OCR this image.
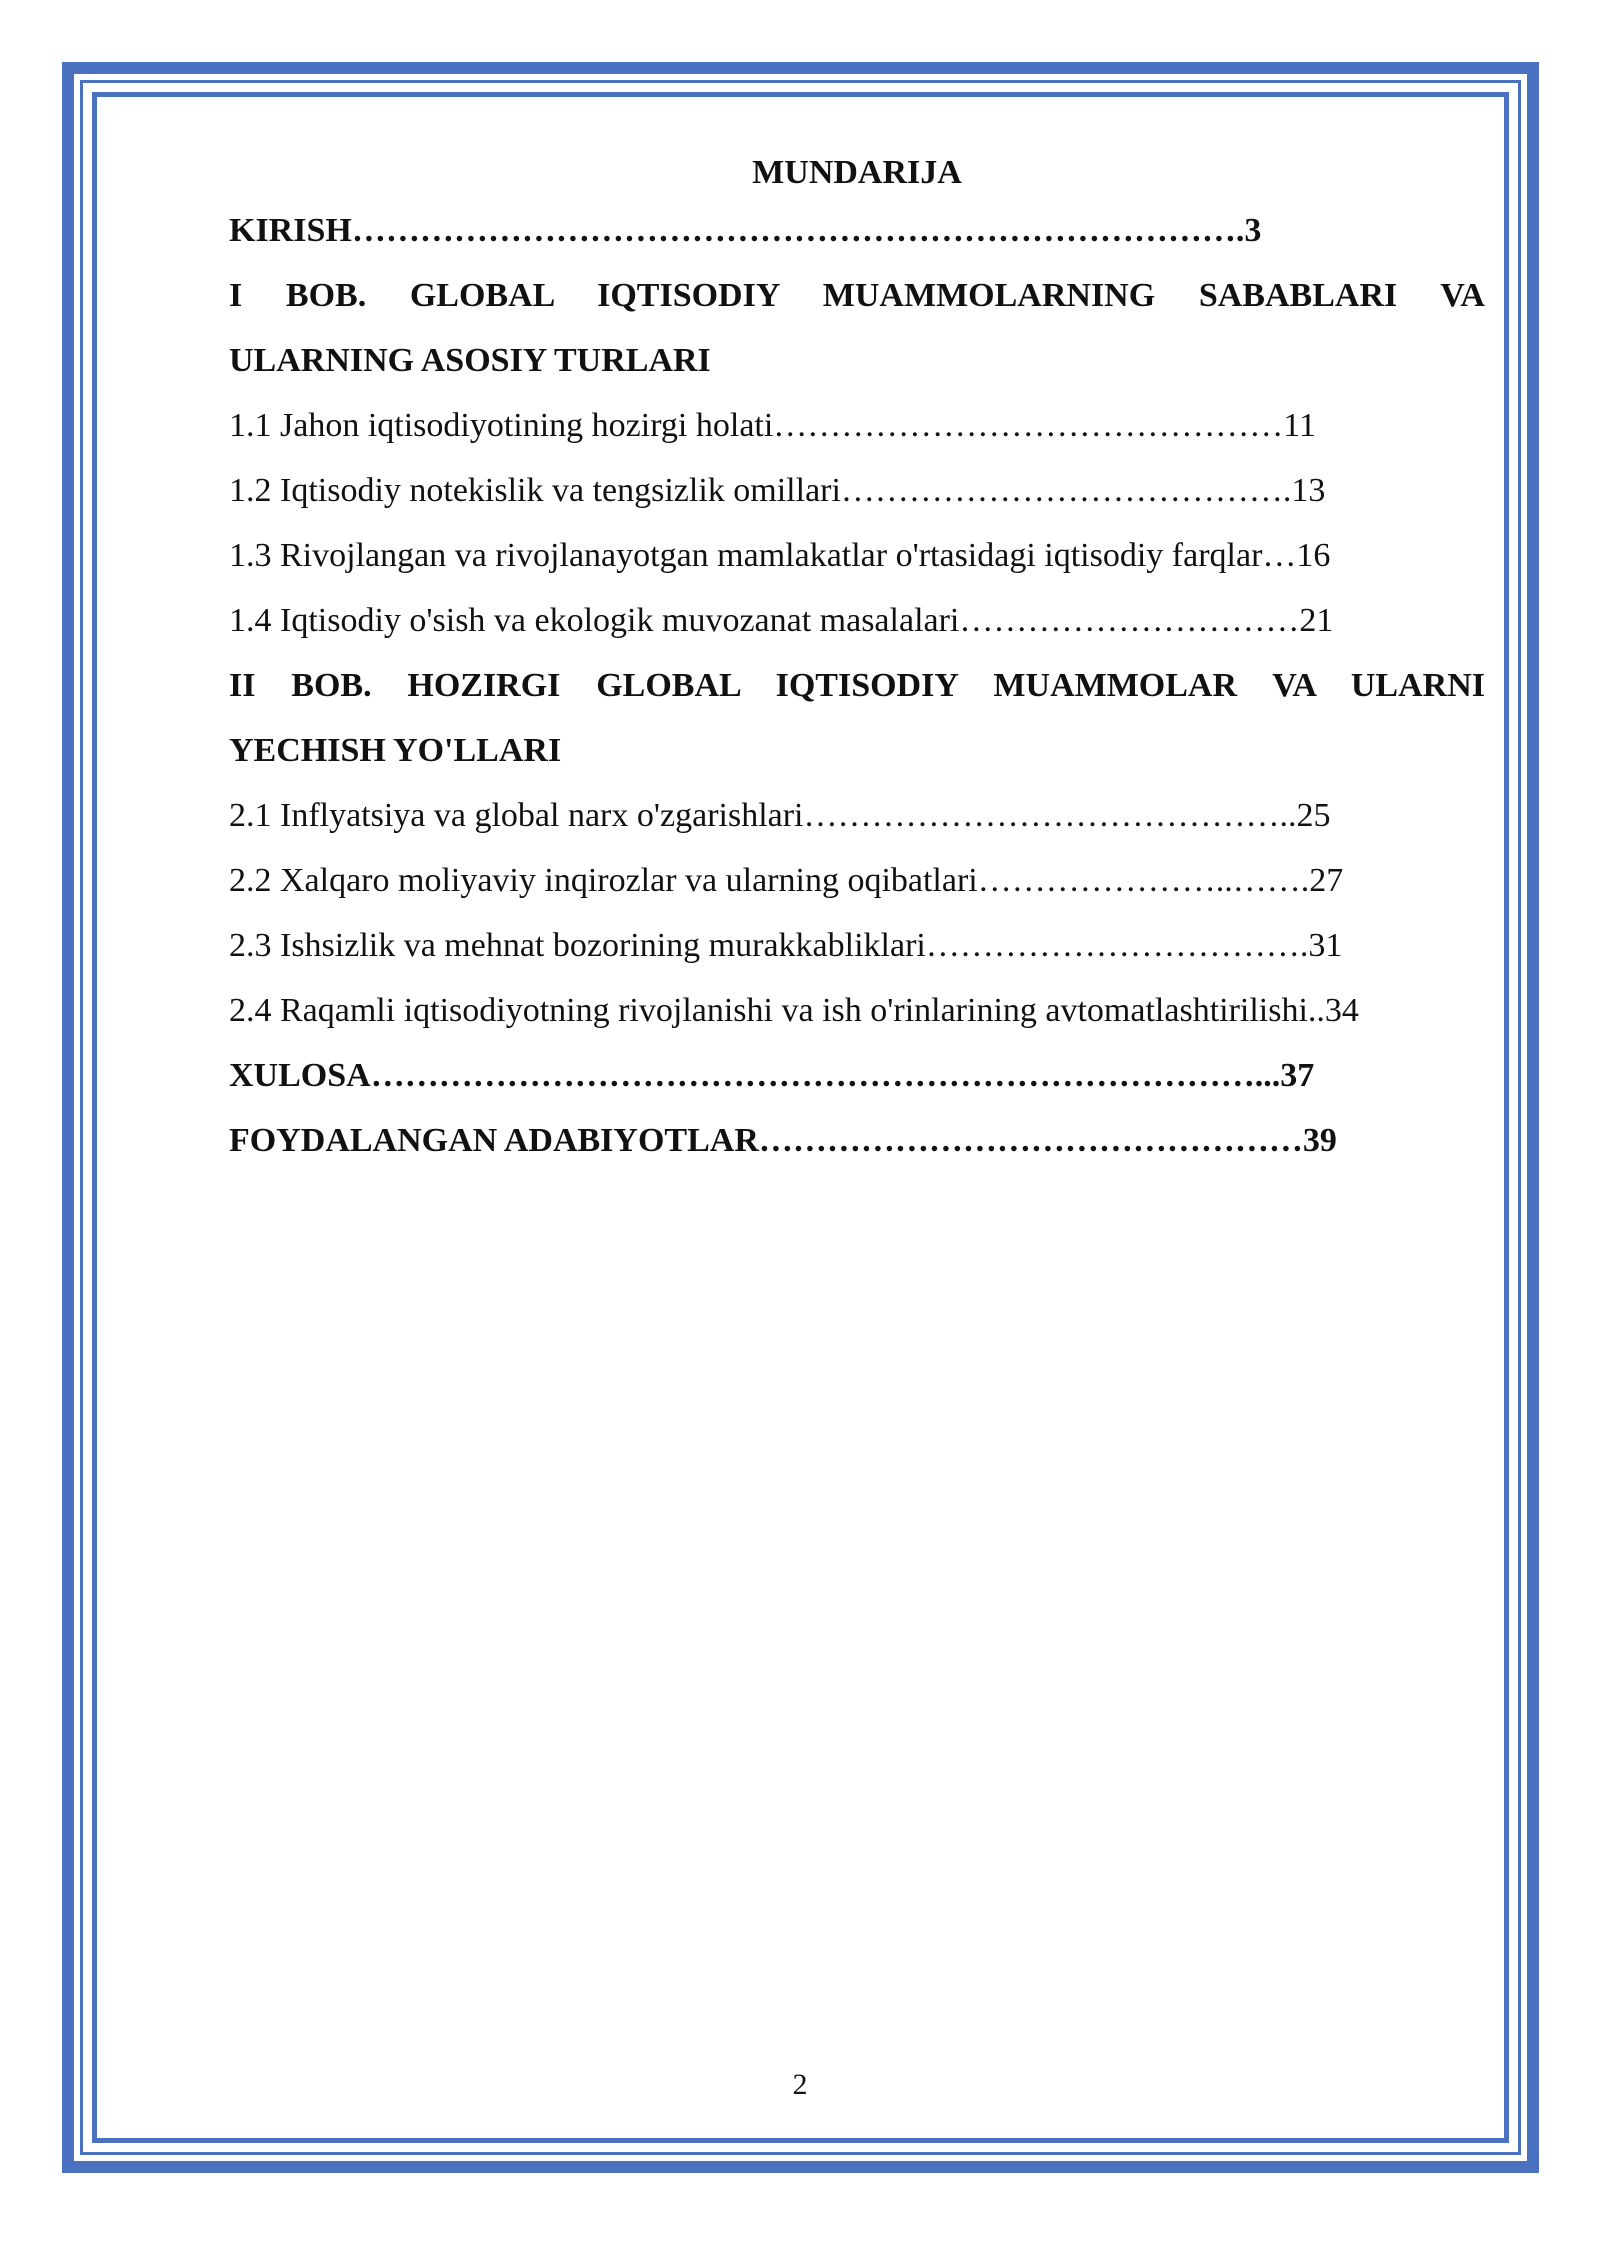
MUNDARIJA
KIRISH…………………………………………………………………….3
I BOB. GLOBAL IQTISODIY MUAMMOLARNING SABABLARI VA
ULARNING ASOSIY TURLARI
1.1 Jahon iqtisodiyotining hozirgi holati………………………………………11
1.2 Iqtisodiy notekislik va tengsizlik omillari………………………………….13
1.3 Rivojlangan va rivojlanayotgan mamlakatlar o'rtasidagi iqtisodiy farqlar…16
1.4 Iqtisodiy o'sish va ekologik muvozanat masalalari…………………………21
II BOB. HOZIRGI GLOBAL IQTISODIY MUAMMOLAR VA ULARNI
YECHISH YO'LLARI
2.1 Inflyatsiya va global narx o'zgarishlari……………………………………..25
2.2 Xalqaro moliyaviy inqirozlar va ularning oqibatlari…………………..…….27
2.3 Ishsizlik va mehnat bozorining murakkabliklari…………………………….31
2.4 Raqamli iqtisodiyotning rivojlanishi va ish o'rinlarining avtomatlashtirilishi..34
XULOSA……………………………………………………………………...37
FOYDALANGAN ADABIYOTLAR…………………………………………39
2
